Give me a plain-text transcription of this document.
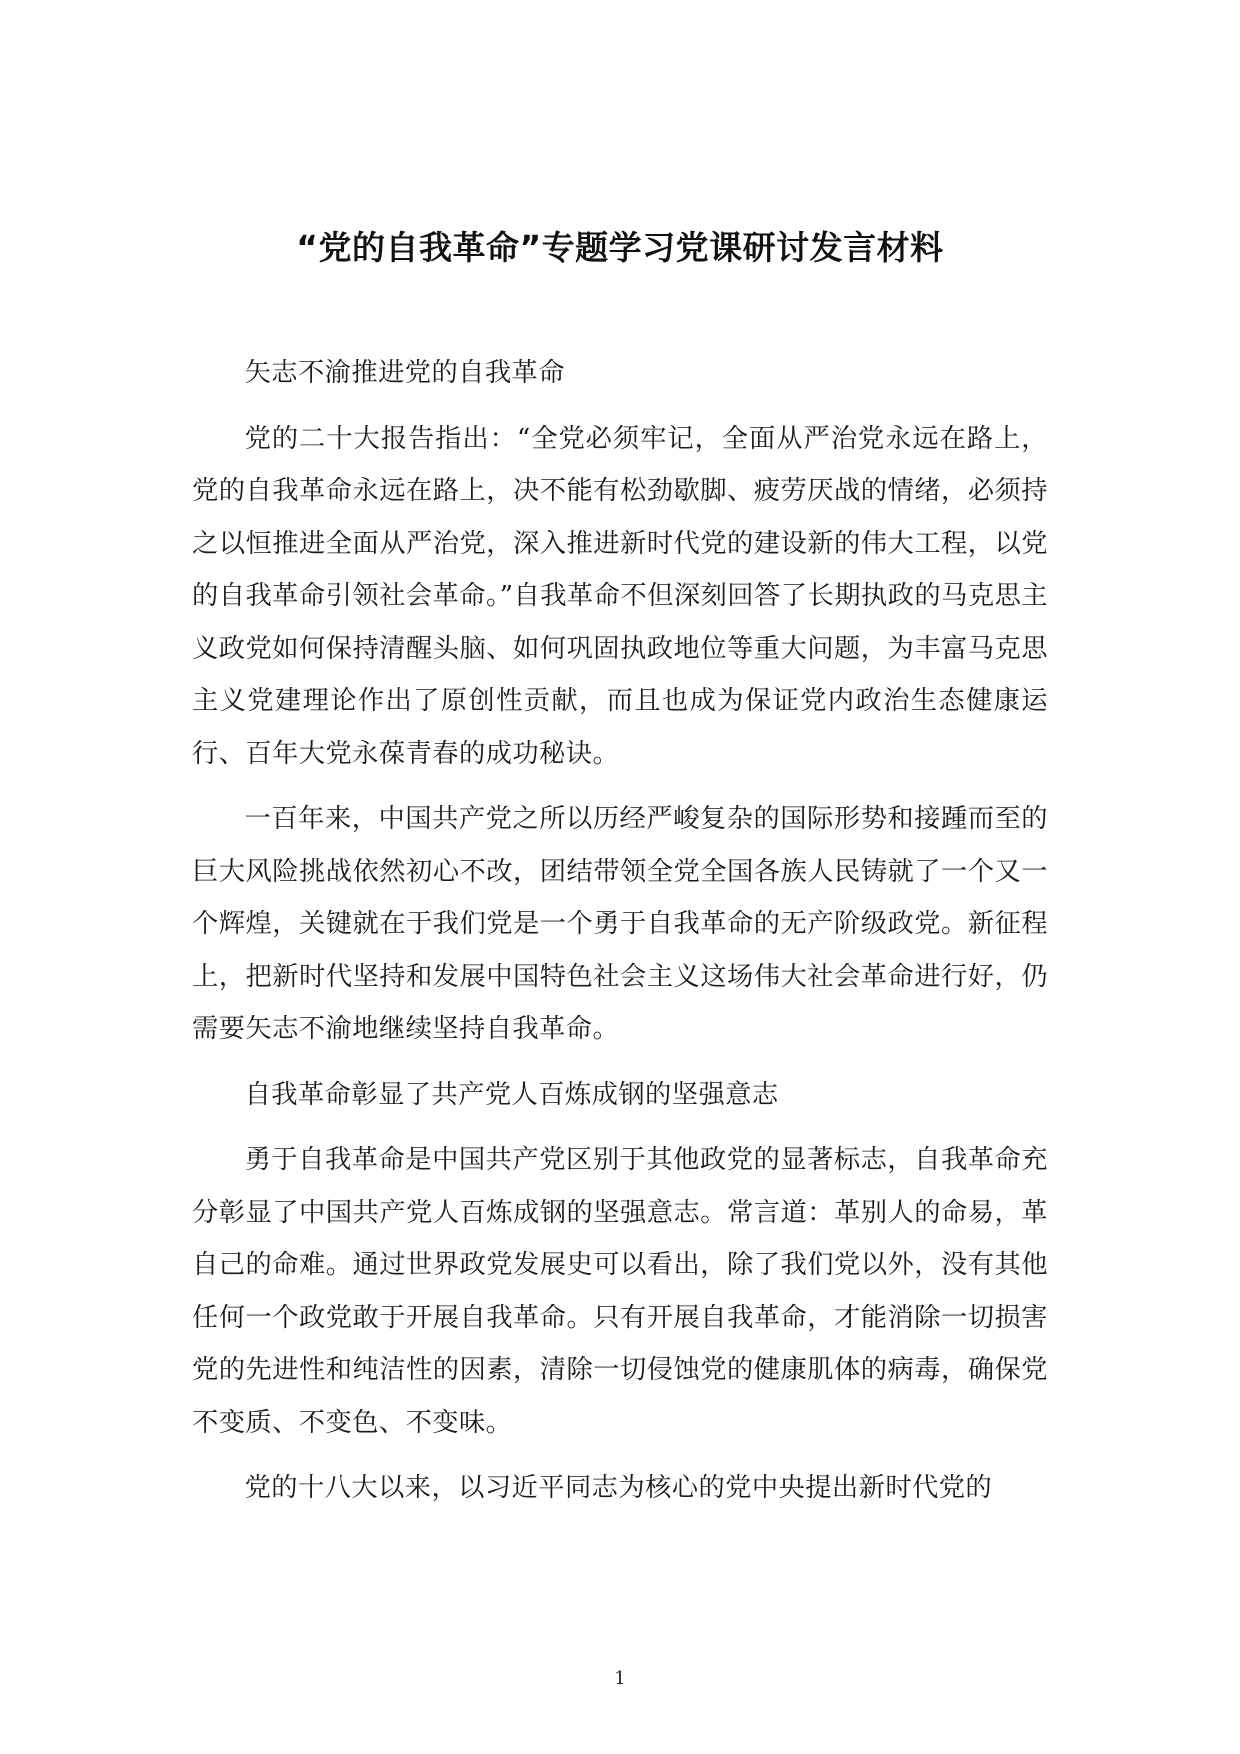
“党的自我革命”专题学习党课研讨发言材料

矢志不渝推进党的自我革命

党的二十大报告指出：“全党必须牢记，全面从严治党永远在路上，党的自我革命永远在路上，决不能有松劲歇脚、疲劳厌战的情绪，必须持之以恒推进全面从严治党，深入推进新时代党的建设新的伟大工程，以党的自我革命引领社会革命。”自我革命不但深刻回答了长期执政的马克思主义政党如何保持清醒头脑、如何巩固执政地位等重大问题，为丰富马克思主义党建理论作出了原创性贡献，而且也成为保证党内政治生态健康运行、百年大党永葆青春的成功秘诀。

一百年来，中国共产党之所以历经严峻复杂的国际形势和接踵而至的巨大风险挑战依然初心不改，团结带领全党全国各族人民铸就了一个又一个辉煌，关键就在于我们党是一个勇于自我革命的无产阶级政党。新征程上，把新时代坚持和发展中国特色社会主义这场伟大社会革命进行好，仍需要矢志不渝地继续坚持自我革命。

自我革命彰显了共产党人百炼成钢的坚强意志

勇于自我革命是中国共产党区别于其他政党的显著标志，自我革命充分彰显了中国共产党人百炼成钢的坚强意志。常言道：革别人的命易，革自己的命难。通过世界政党发展史可以看出，除了我们党以外，没有其他任何一个政党敢于开展自我革命。只有开展自我革命，才能消除一切损害党的先进性和纯洁性的因素，清除一切侵蚀党的健康肌体的病毒，确保党不变质、不变色、不变味。

党的十八大以来，以习近平同志为核心的党中央提出新时代党的

1
